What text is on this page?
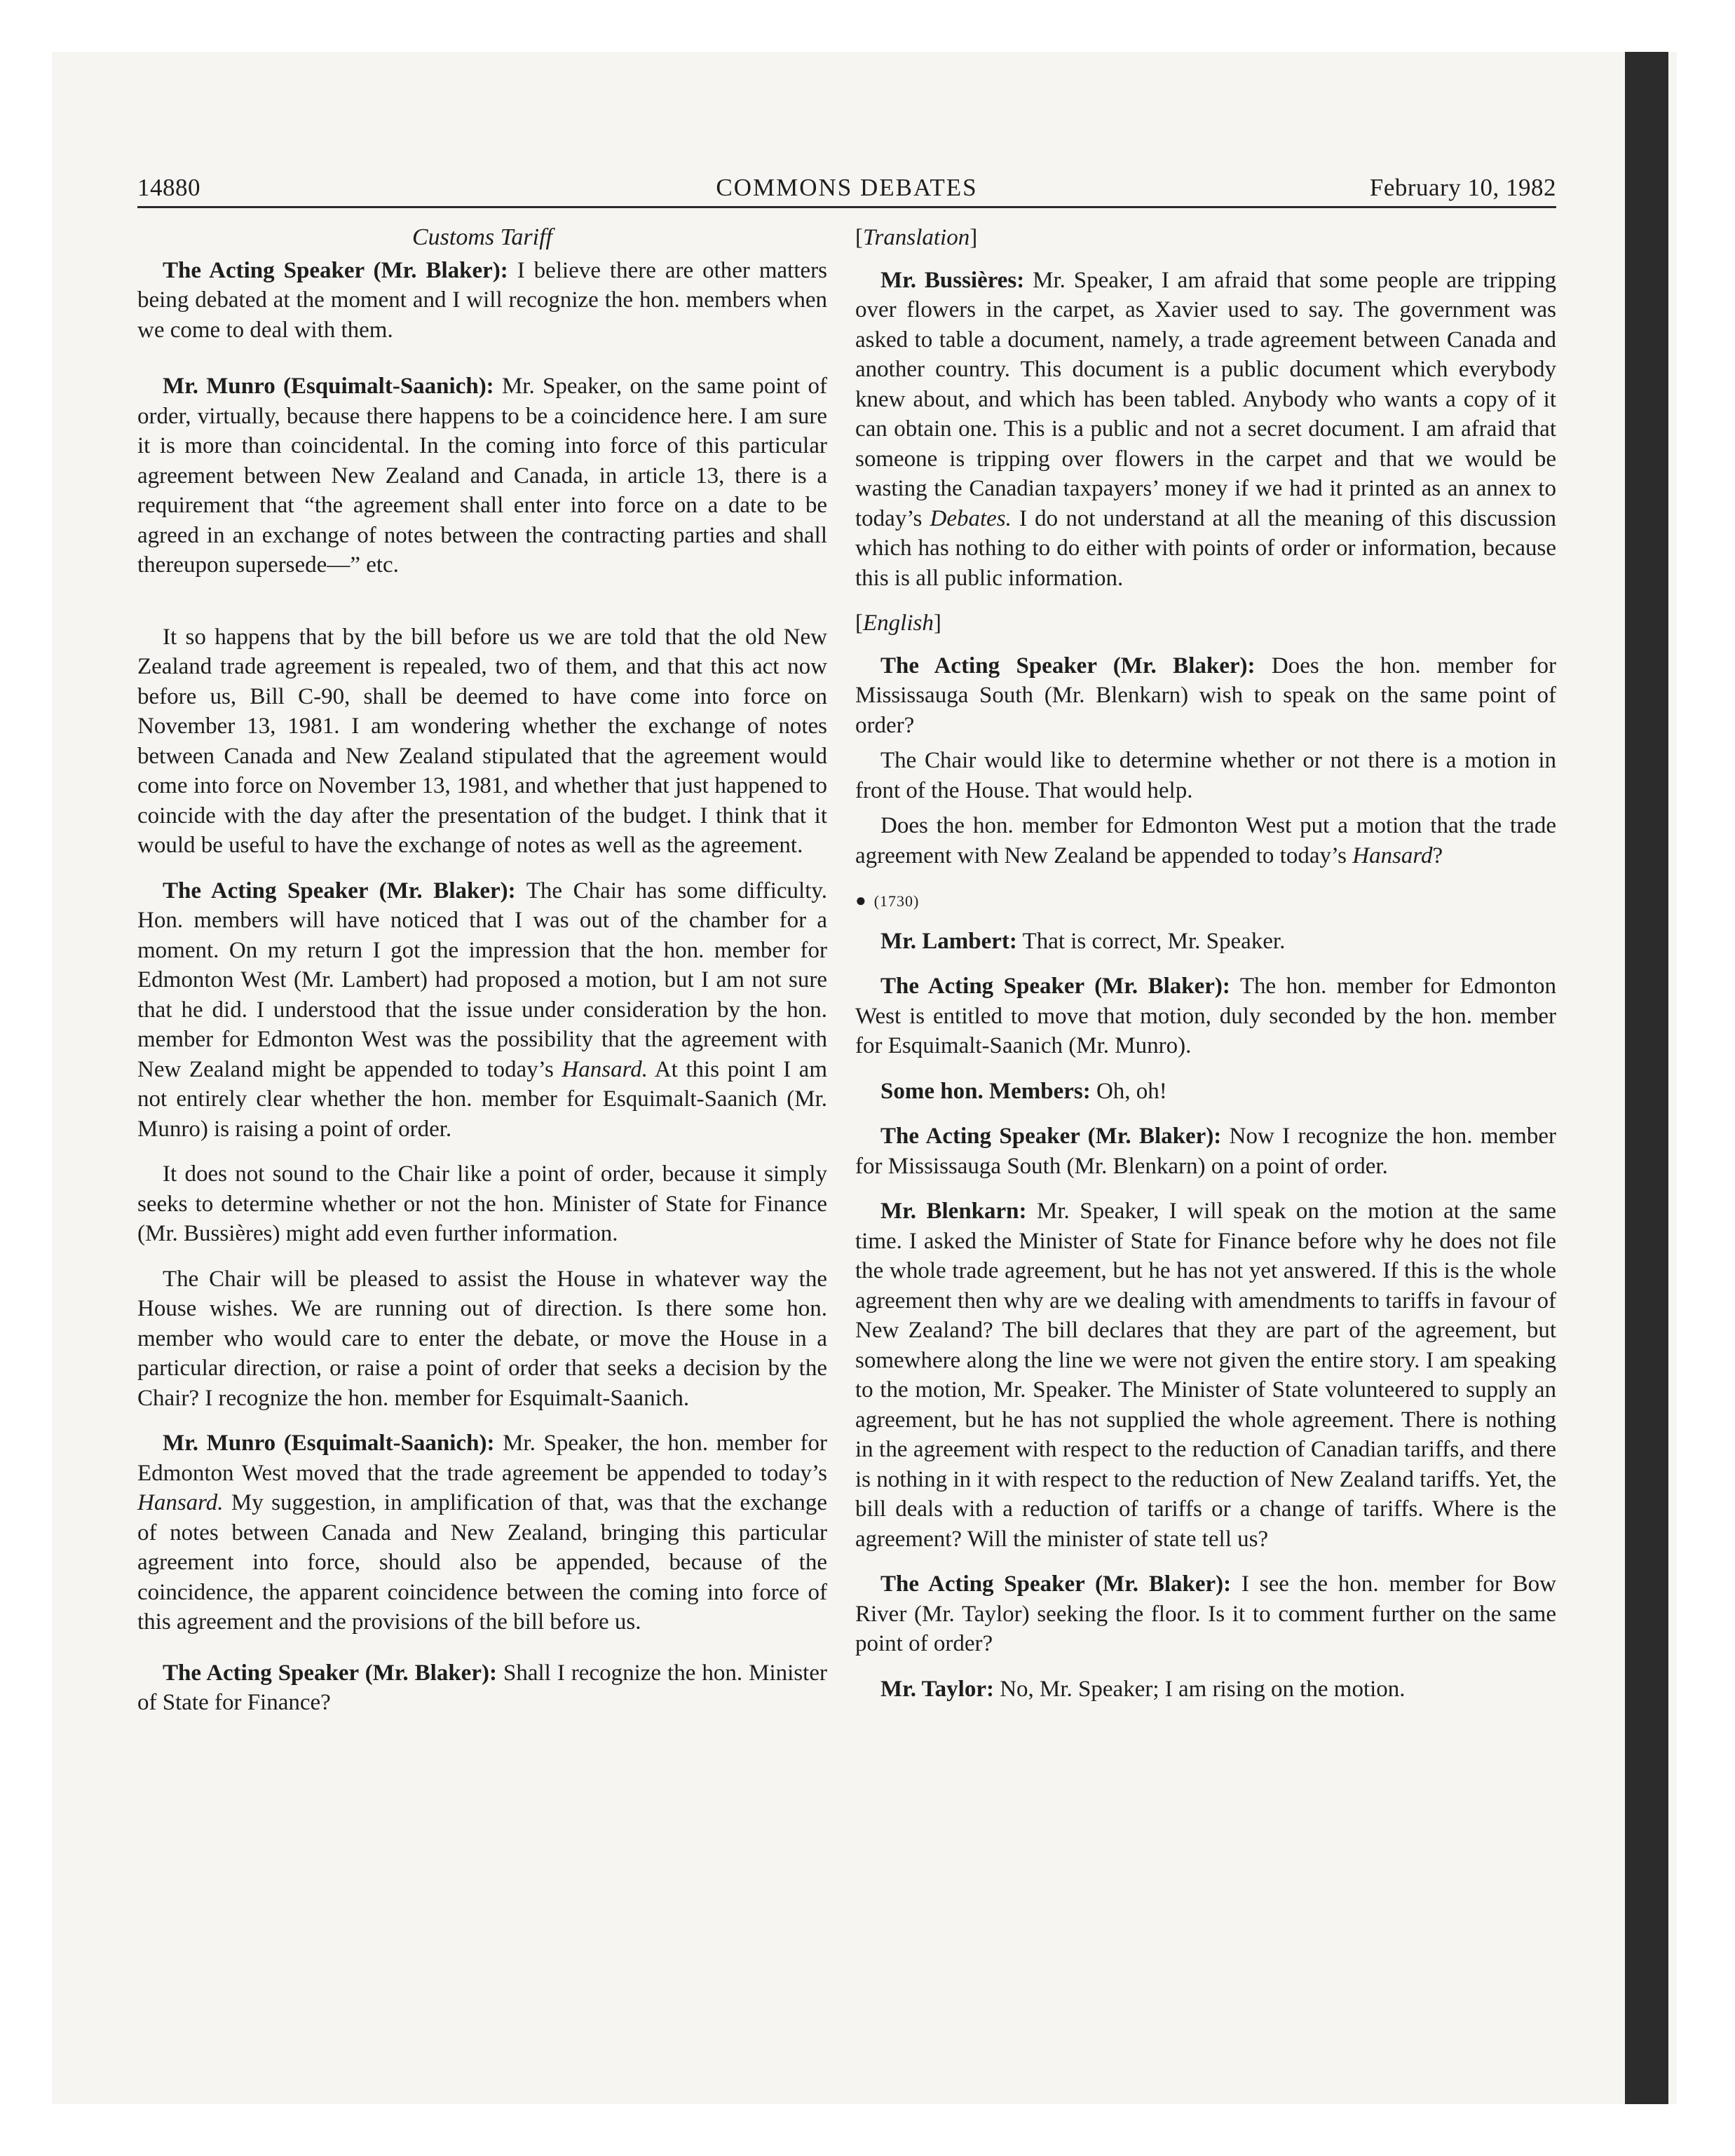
14880	COMMONS DEBATES	February 10, 1982
Customs Tariff

The Acting Speaker (Mr. Blaker): I believe there are other matters being debated at the moment and I will recognize the hon. members when we come to deal with them.

Mr. Munro (Esquimalt-Saanich): Mr. Speaker, on the same point of order, virtually, because there happens to be a coincidence here. I am sure it is more than coincidental. In the coming into force of this particular agreement between New Zealand and Canada, in article 13, there is a requirement that “the agreement shall enter into force on a date to be agreed in an exchange of notes between the contracting parties and shall thereupon supersede—” etc.

It so happens that by the bill before us we are told that the old New Zealand trade agreement is repealed, two of them, and that this act now before us, Bill C-90, shall be deemed to have come into force on November 13, 1981. I am wondering whether the exchange of notes between Canada and New Zealand stipulated that the agreement would come into force on November 13, 1981, and whether that just happened to coincide with the day after the presentation of the budget. I think that it would be useful to have the exchange of notes as well as the agreement.

The Acting Speaker (Mr. Blaker): The Chair has some difficulty. Hon. members will have noticed that I was out of the chamber for a moment. On my return I got the impression that the hon. member for Edmonton West (Mr. Lambert) had proposed a motion, but I am not sure that he did. I understood that the issue under consideration by the hon. member for Edmonton West was the possibility that the agreement with New Zealand might be appended to today’s Hansard. At this point I am not entirely clear whether the hon. member for Esquimalt-Saanich (Mr. Munro) is raising a point of order.

It does not sound to the Chair like a point of order, because it simply seeks to determine whether or not the hon. Minister of State for Finance (Mr. Bussières) might add even further information.

The Chair will be pleased to assist the House in whatever way the House wishes. We are running out of direction. Is there some hon. member who would care to enter the debate, or move the House in a particular direction, or raise a point of order that seeks a decision by the Chair? I recognize the hon. member for Esquimalt-Saanich.

Mr. Munro (Esquimalt-Saanich): Mr. Speaker, the hon. member for Edmonton West moved that the trade agreement be appended to today’s Hansard. My suggestion, in amplification of that, was that the exchange of notes between Canada and New Zealand, bringing this particular agreement into force, should also be appended, because of the coincidence, the apparent coincidence between the coming into force of this agreement and the provisions of the bill before us.

The Acting Speaker (Mr. Blaker): Shall I recognize the hon. Minister of State for Finance?

[Translation]

Mr. Bussières: Mr. Speaker, I am afraid that some people are tripping over flowers in the carpet, as Xavier used to say. The government was asked to table a document, namely, a trade agreement between Canada and another country. This document is a public document which everybody knew about, and which has been tabled. Anybody who wants a copy of it can obtain one. This is a public and not a secret document. I am afraid that someone is tripping over flowers in the carpet and that we would be wasting the Canadian taxpayers’ money if we had it printed as an annex to today’s Debates. I do not understand at all the meaning of this discussion which has nothing to do either with points of order or information, because this is all public information.

[English]

The Acting Speaker (Mr. Blaker): Does the hon. member for Mississauga South (Mr. Blenkarn) wish to speak on the same point of order?

The Chair would like to determine whether or not there is a motion in front of the House. That would help.

Does the hon. member for Edmonton West put a motion that the trade agreement with New Zealand be appended to today’s Hansard?

● (1730)

Mr. Lambert: That is correct, Mr. Speaker.

The Acting Speaker (Mr. Blaker): The hon. member for Edmonton West is entitled to move that motion, duly seconded by the hon. member for Esquimalt-Saanich (Mr. Munro).

Some hon. Members: Oh, oh!

The Acting Speaker (Mr. Blaker): Now I recognize the hon. member for Mississauga South (Mr. Blenkarn) on a point of order.

Mr. Blenkarn: Mr. Speaker, I will speak on the motion at the same time. I asked the Minister of State for Finance before why he does not file the whole trade agreement, but he has not yet answered. If this is the whole agreement then why are we dealing with amendments to tariffs in favour of New Zealand? The bill declares that they are part of the agreement, but somewhere along the line we were not given the entire story. I am speaking to the motion, Mr. Speaker. The Minister of State volunteered to supply an agreement, but he has not supplied the whole agreement. There is nothing in the agreement with respect to the reduction of Canadian tariffs, and there is nothing in it with respect to the reduction of New Zealand tariffs. Yet, the bill deals with a reduction of tariffs or a change of tariffs. Where is the agreement? Will the minister of state tell us?

The Acting Speaker (Mr. Blaker): I see the hon. member for Bow River (Mr. Taylor) seeking the floor. Is it to comment further on the same point of order?

Mr. Taylor: No, Mr. Speaker; I am rising on the motion.
